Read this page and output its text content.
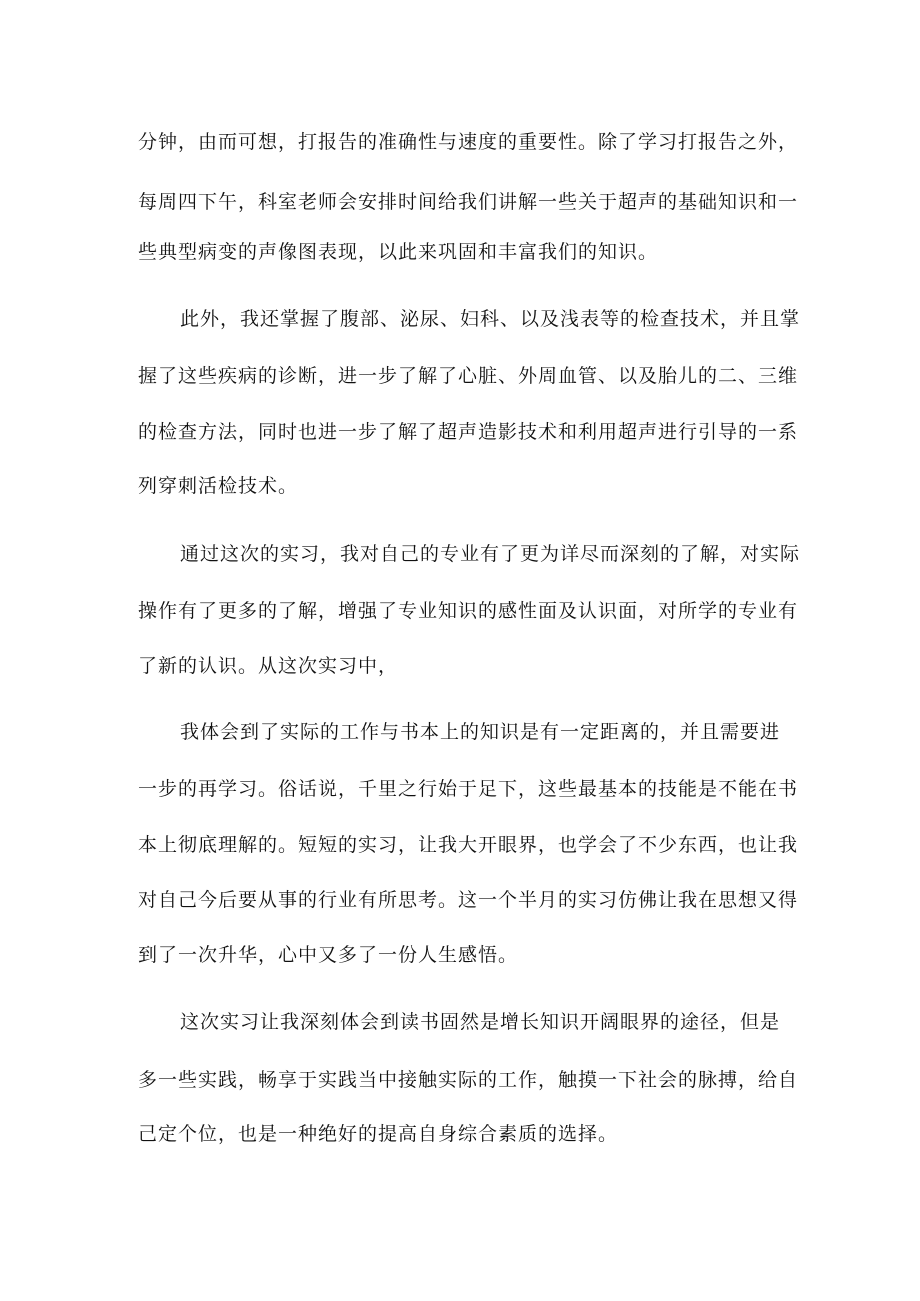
分钟，由而可想，打报告的准确性与速度的重要性。除了学习打报告之外，
每周四下午，科室老师会安排时间给我们讲解一些关于超声的基础知识和一
些典型病变的声像图表现，以此来巩固和丰富我们的知识。
此外，我还掌握了腹部、泌尿、妇科、以及浅表等的检查技术，并且掌
握了这些疾病的诊断，进一步了解了心脏、外周血管、以及胎儿的二、三维
的检查方法，同时也进一步了解了超声造影技术和利用超声进行引导的一系
列穿刺活检技术。
通过这次的实习，我对自己的专业有了更为详尽而深刻的了解，对实际
操作有了更多的了解，增强了专业知识的感性面及认识面，对所学的专业有
了新的认识。从这次实习中，
我体会到了实际的工作与书本上的知识是有一定距离的，并且需要进
一步的再学习。俗话说，千里之行始于足下，这些最基本的技能是不能在书
本上彻底理解的。短短的实习，让我大开眼界，也学会了不少东西，也让我
对自己今后要从事的行业有所思考。这一个半月的实习仿佛让我在思想又得
到了一次升华，心中又多了一份人生感悟。
这次实习让我深刻体会到读书固然是增长知识开阔眼界的途径，但是
多一些实践，畅享于实践当中接触实际的工作，触摸一下社会的脉搏，给自
己定个位，也是一种绝好的提高自身综合素质的选择。
